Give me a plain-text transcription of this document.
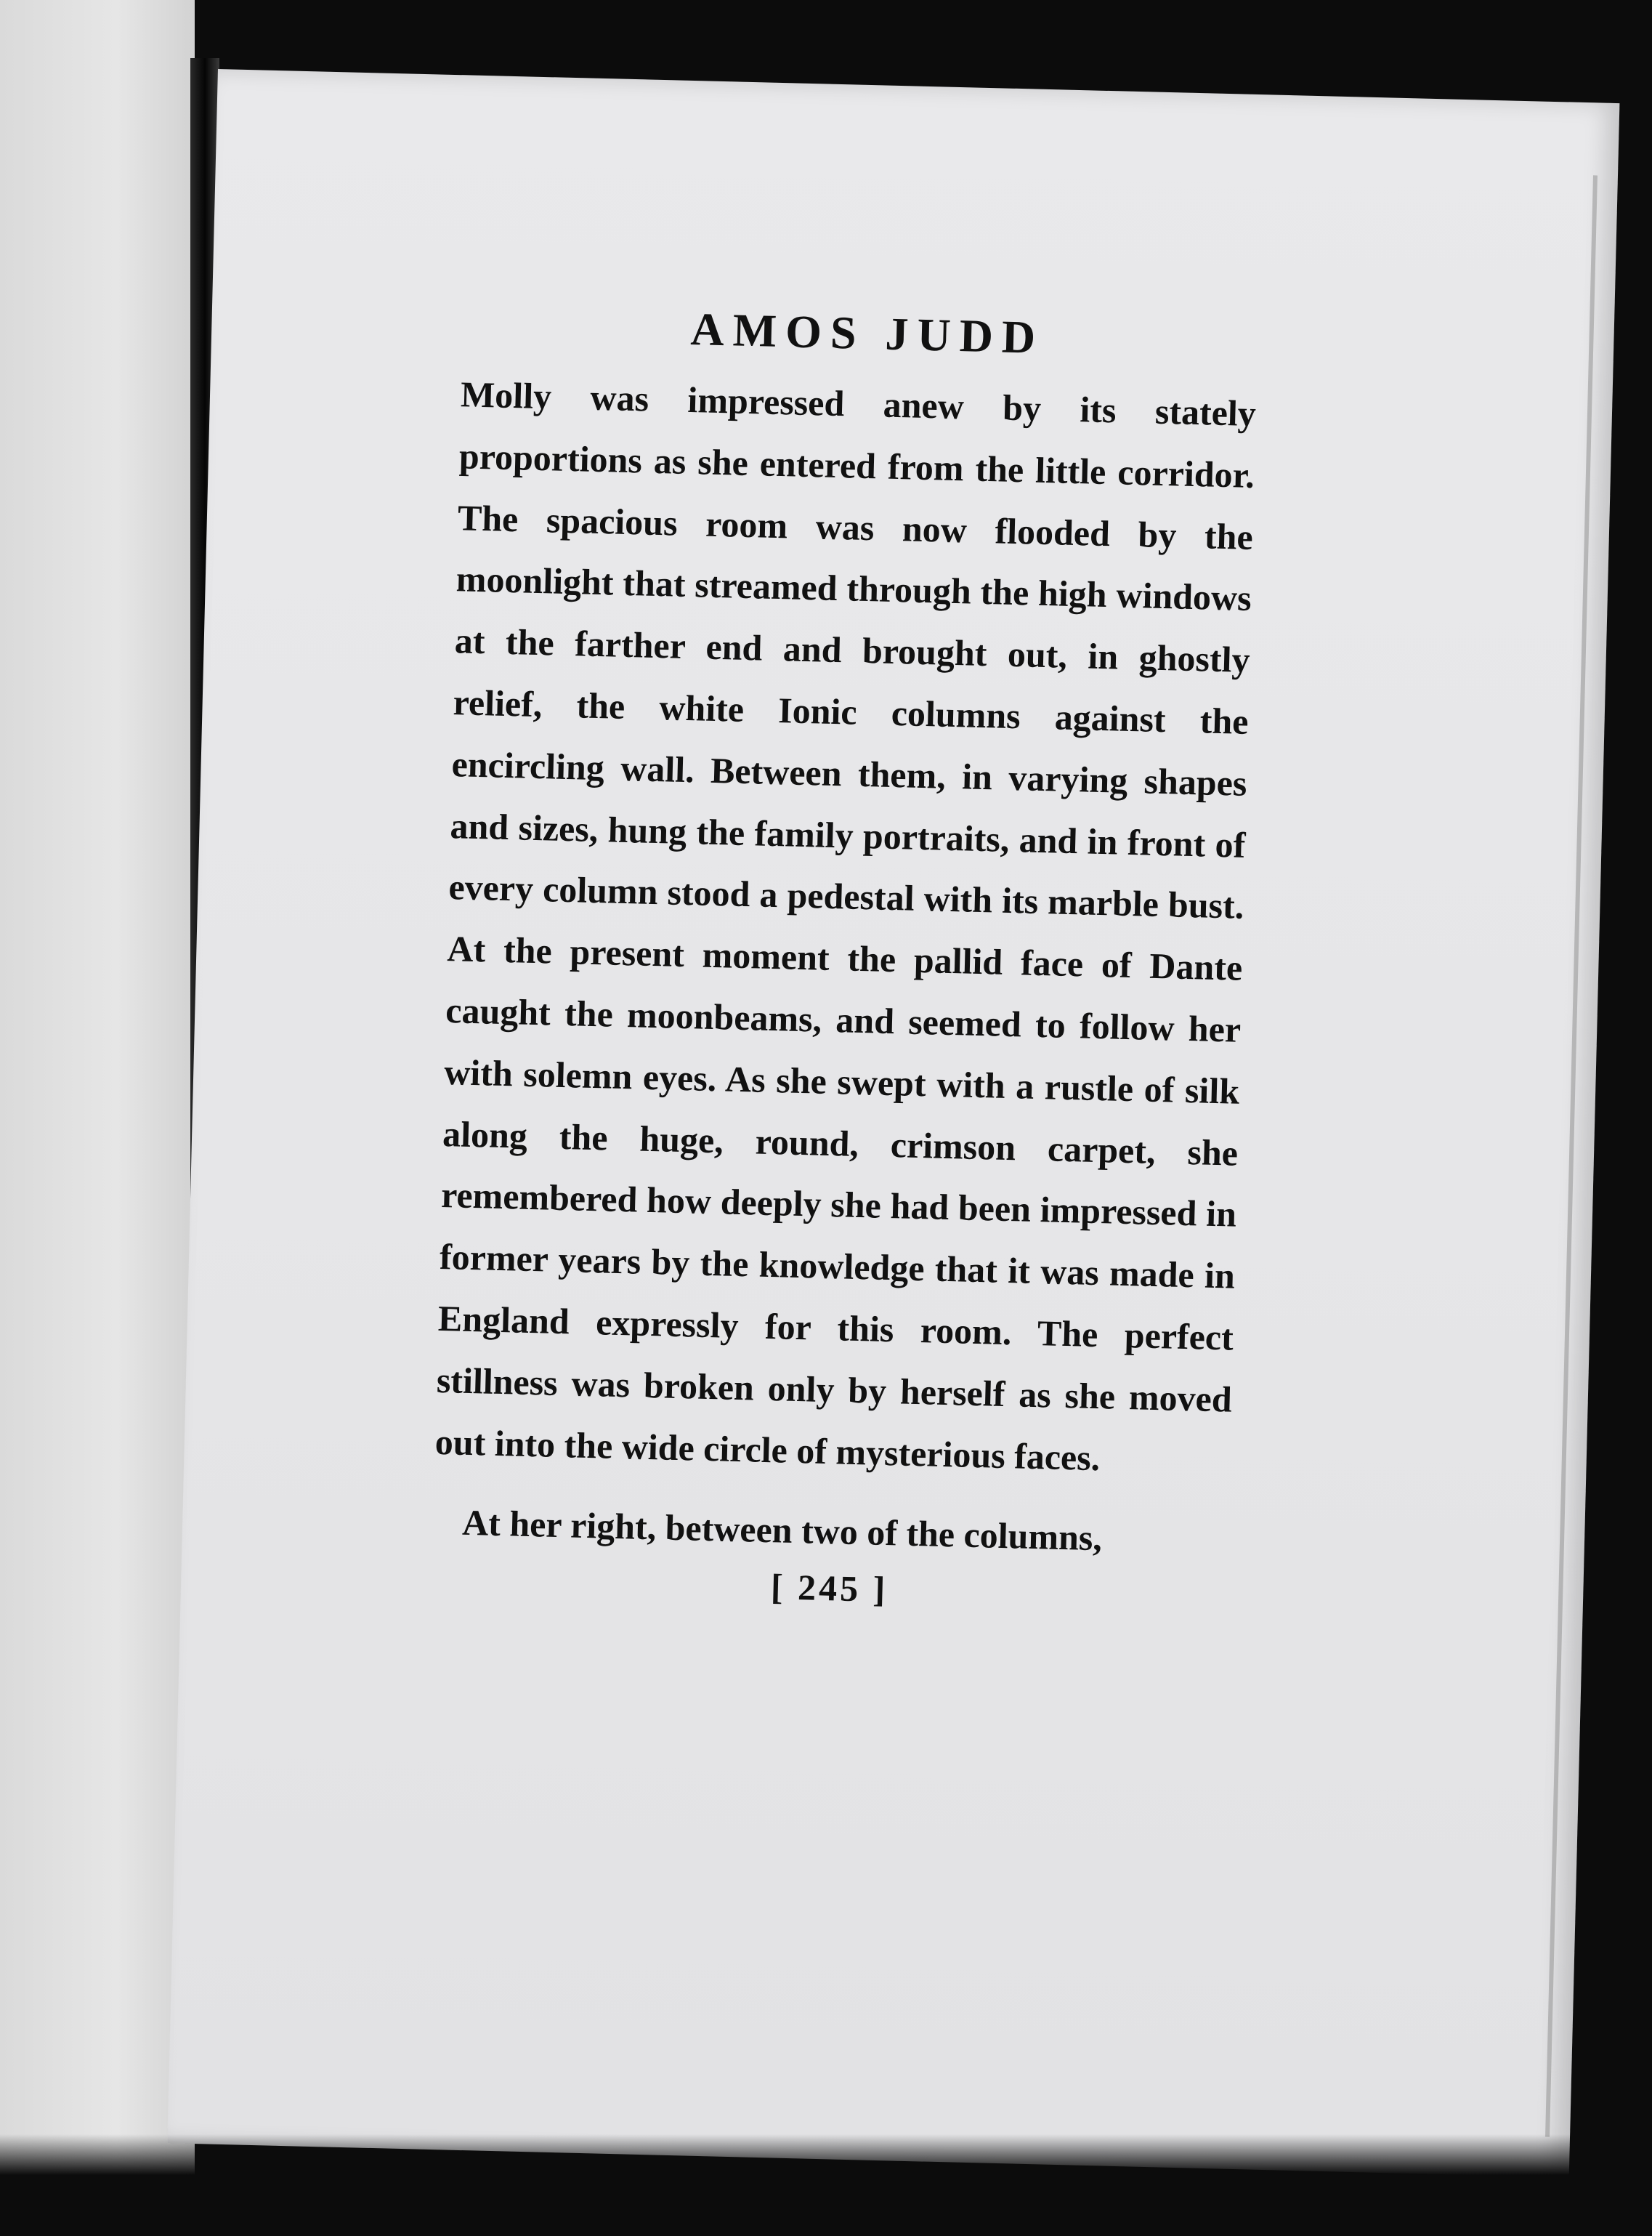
AMOS JUDD

Molly was impressed anew by its stately proportions as she entered from the little corridor. The spacious room was now flooded by the moonlight that streamed through the high windows at the farther end and brought out, in ghostly relief, the white Ionic columns against the encircling wall. Between them, in varying shapes and sizes, hung the family portraits, and in front of every column stood a pedestal with its marble bust. At the present moment the pallid face of Dante caught the moonbeams, and seemed to follow her with solemn eyes. As she swept with a rustle of silk along the huge, round, crimson carpet, she remembered how deeply she had been impressed in former years by the knowledge that it was made in England expressly for this room. The perfect stillness was broken only by herself as she moved out into the wide circle of mysterious faces.

At her right, between two of the columns,

[ 245 ]
